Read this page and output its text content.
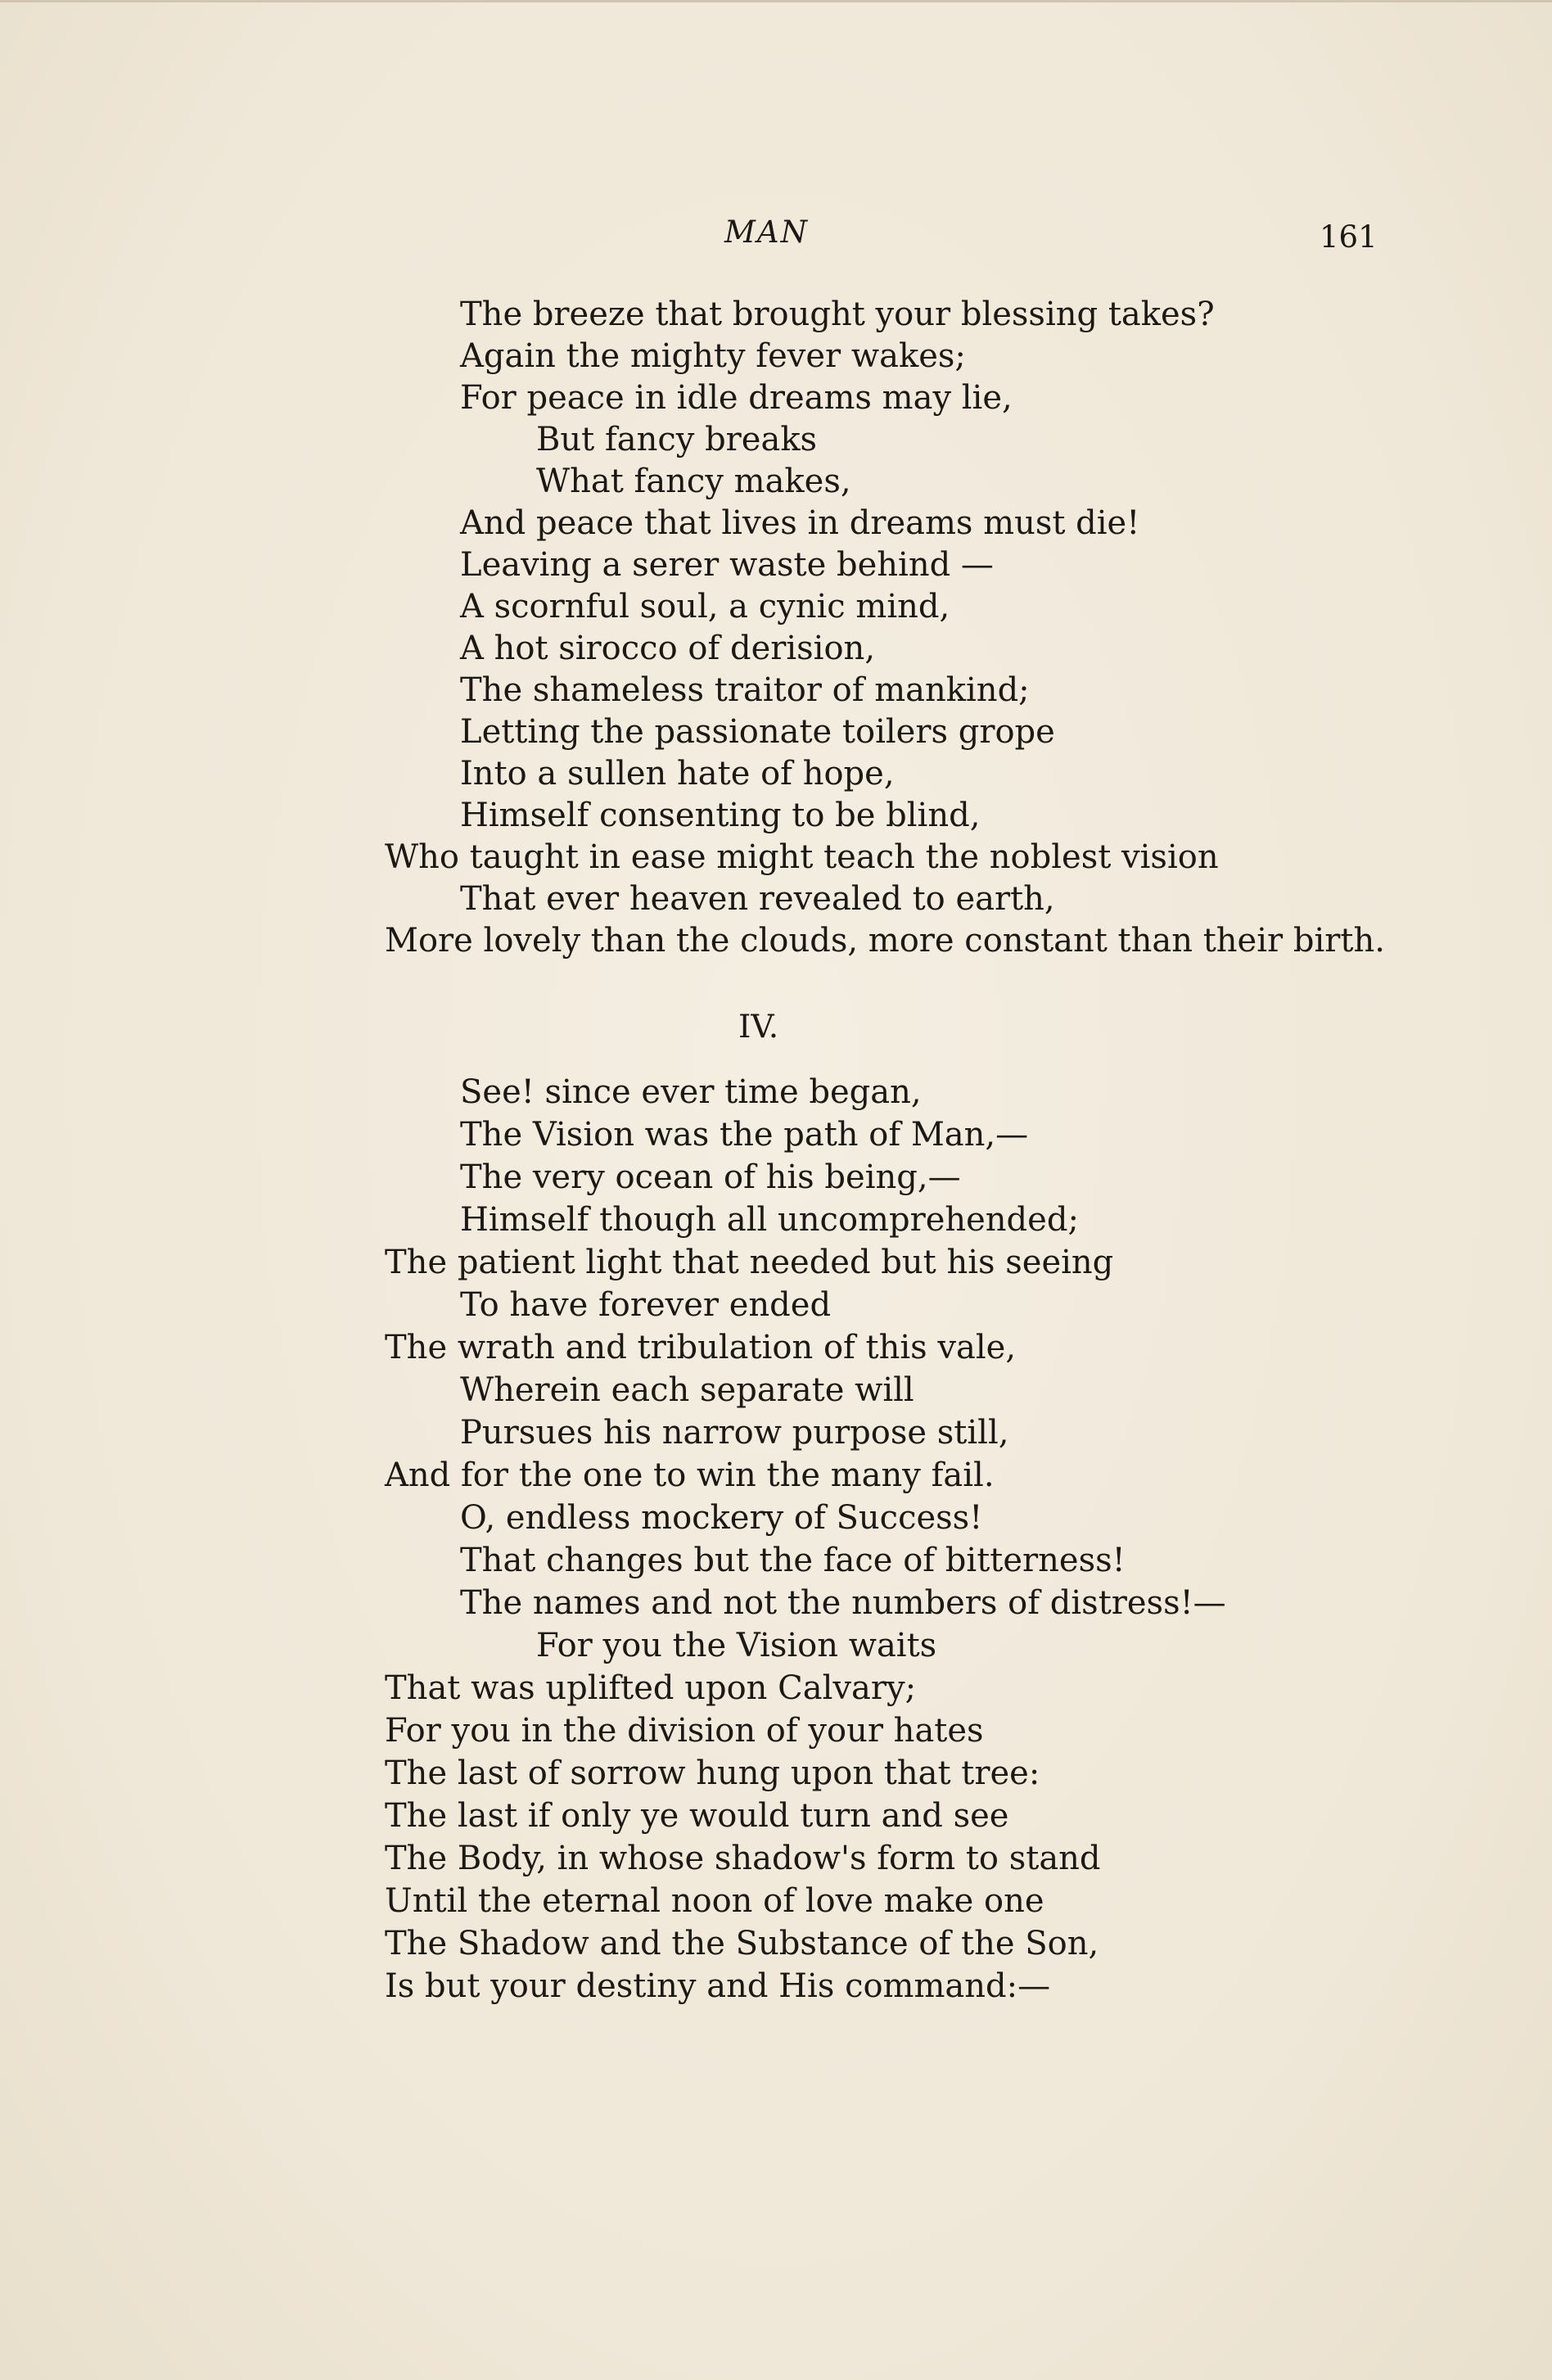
MAN	161
The breeze that brought your blessing takes?
Again the mighty fever wakes;
For peace in idle dreams may lie,
But fancy breaks
What fancy makes,
And peace that lives in dreams must die!
Leaving a serer waste behind —
A scornful soul, a cynic mind,
A hot sirocco of derision,
The shameless traitor of mankind;
Letting the passionate toilers grope
Into a sullen hate of hope,
Himself consenting to be blind,
Who taught in ease might teach the noblest vision
That ever heaven revealed to earth,
More lovely than the clouds, more constant than their birth.
IV.
See! since ever time began,
The Vision was the path of Man,—
The very ocean of his being,—
Himself though all uncomprehended;
The patient light that needed but his seeing
To have forever ended
The wrath and tribulation of this vale,
Wherein each separate will
Pursues his narrow purpose still,
And for the one to win the many fail.
O, endless mockery of Success!
That changes but the face of bitterness!
The names and not the numbers of distress!—
For you the Vision waits
That was uplifted upon Calvary;
For you in the division of your hates
The last of sorrow hung upon that tree:
The last if only ye would turn and see
The Body, in whose shadow's form to stand
Until the eternal noon of love make one
The Shadow and the Substance of the Son,
Is but your destiny and His command:—
